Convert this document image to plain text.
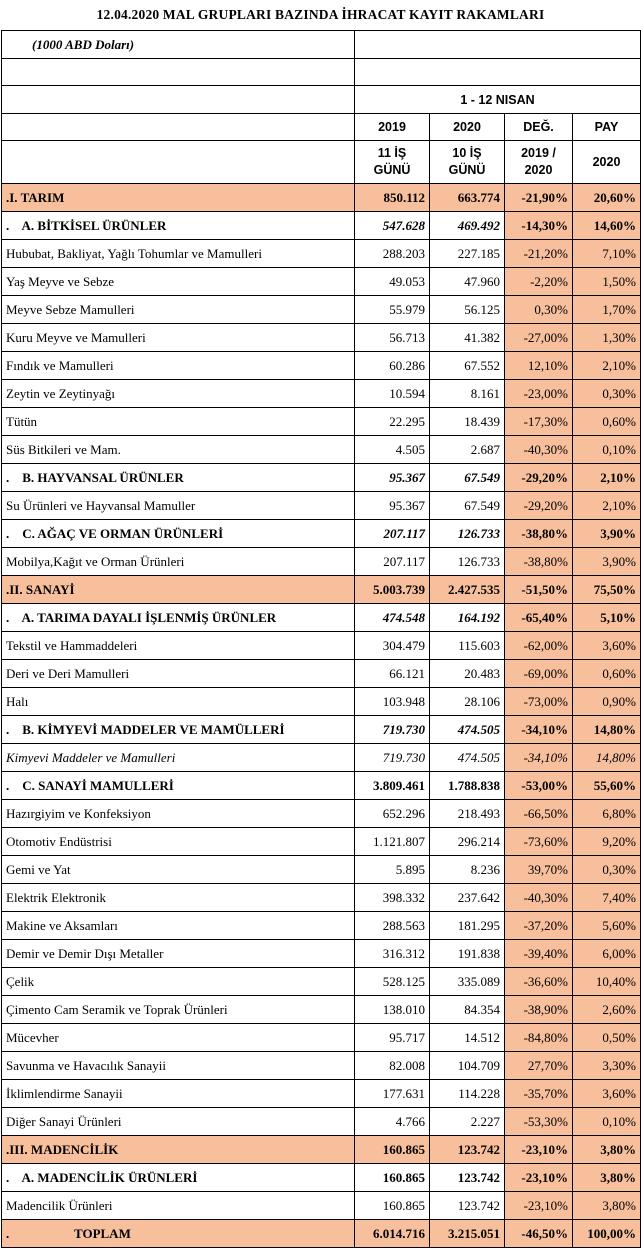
12.04.2020 MAL GRUPLARI BAZINDA İHRACAT KAYIT RAKAMLARI
(1000 ABD Doları)				

	1 - 12 NISAN			
	2019	2020	DEĞ.	PAY
	11 İŞ GÜNÜ	10 İŞ GÜNÜ	2019 / 2020	2020
.I. TARIM	850.112	663.774	-21,90%	20,60%
.    A. BİTKİSEL ÜRÜNLER	547.628	469.492	-14,30%	14,60%
Hububat, Bakliyat, Yağlı Tohumlar ve Mamulleri	288.203	227.185	-21,20%	7,10%
Yaş Meyve ve Sebze	49.053	47.960	-2,20%	1,50%
Meyve Sebze Mamulleri	55.979	56.125	0,30%	1,70%
Kuru Meyve ve Mamulleri	56.713	41.382	-27,00%	1,30%
Fındık ve Mamulleri	60.286	67.552	12,10%	2,10%
Zeytin ve Zeytinyağı	10.594	8.161	-23,00%	0,30%
Tütün	22.295	18.439	-17,30%	0,60%
Süs Bitkileri ve Mam.	4.505	2.687	-40,30%	0,10%
.    B. HAYVANSAL ÜRÜNLER	95.367	67.549	-29,20%	2,10%
Su Ürünleri ve Hayvansal Mamuller	95.367	67.549	-29,20%	2,10%
.    C. AĞAÇ VE ORMAN ÜRÜNLERİ	207.117	126.733	-38,80%	3,90%
Mobilya,Kağıt ve Orman Ürünleri	207.117	126.733	-38,80%	3,90%
.II. SANAYİ	5.003.739	2.427.535	-51,50%	75,50%
.    A. TARIMA DAYALI İŞLENMİŞ ÜRÜNLER	474.548	164.192	-65,40%	5,10%
Tekstil ve Hammaddeleri	304.479	115.603	-62,00%	3,60%
Deri ve Deri Mamulleri	66.121	20.483	-69,00%	0,60%
Halı	103.948	28.106	-73,00%	0,90%
.    B. KİMYEVİ MADDELER VE MAMÜLLERİ	719.730	474.505	-34,10%	14,80%
Kimyevi Maddeler ve Mamulleri	719.730	474.505	-34,10%	14,80%
.    C. SANAYİ MAMULLERİ	3.809.461	1.788.838	-53,00%	55,60%
Hazırgiyim ve Konfeksiyon	652.296	218.493	-66,50%	6,80%
Otomotiv Endüstrisi	1.121.807	296.214	-73,60%	9,20%
Gemi ve Yat	5.895	8.236	39,70%	0,30%
Elektrik Elektronik	398.332	237.642	-40,30%	7,40%
Makine ve Aksamları	288.563	181.295	-37,20%	5,60%
Demir ve Demir Dışı Metaller	316.312	191.838	-39,40%	6,00%
Çelik	528.125	335.089	-36,60%	10,40%
Çimento Cam Seramik ve Toprak Ürünleri	138.010	84.354	-38,90%	2,60%
Mücevher	95.717	14.512	-84,80%	0,50%
Savunma ve Havacılık Sanayii	82.008	104.709	27,70%	3,30%
İklimlendirme Sanayii	177.631	114.228	-35,70%	3,60%
Diğer Sanayi Ürünleri	4.766	2.227	-53,30%	0,10%
.III. MADENCİLİK	160.865	123.742	-23,10%	3,80%
.    A. MADENCİLİK ÜRÜNLERİ	160.865	123.742	-23,10%	3,80%
Madencilik Ürünleri	160.865	123.742	-23,10%	3,80%
.                    TOPLAM	6.014.716	3.215.051	-46,50%	100,00%
